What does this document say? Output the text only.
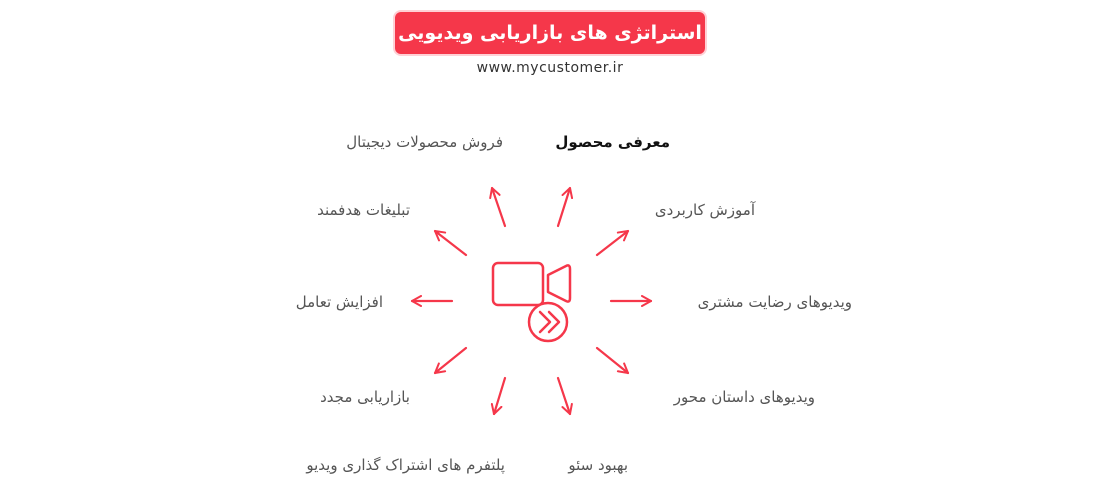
استراتژی های بازاریابی ویدیویی
www.mycustomer.ir
معرفی محصول
فروش محصولات دیجیتال
آموزش کاربردی
تبلیغات هدفمند
افزایش تعامل	ویدیوهای رضایت مشتری
بازاریابی مجدد	ویدیوهای داستان محور
بهبود سئو
پلتفرم های اشتراک گذاری ویدیو
